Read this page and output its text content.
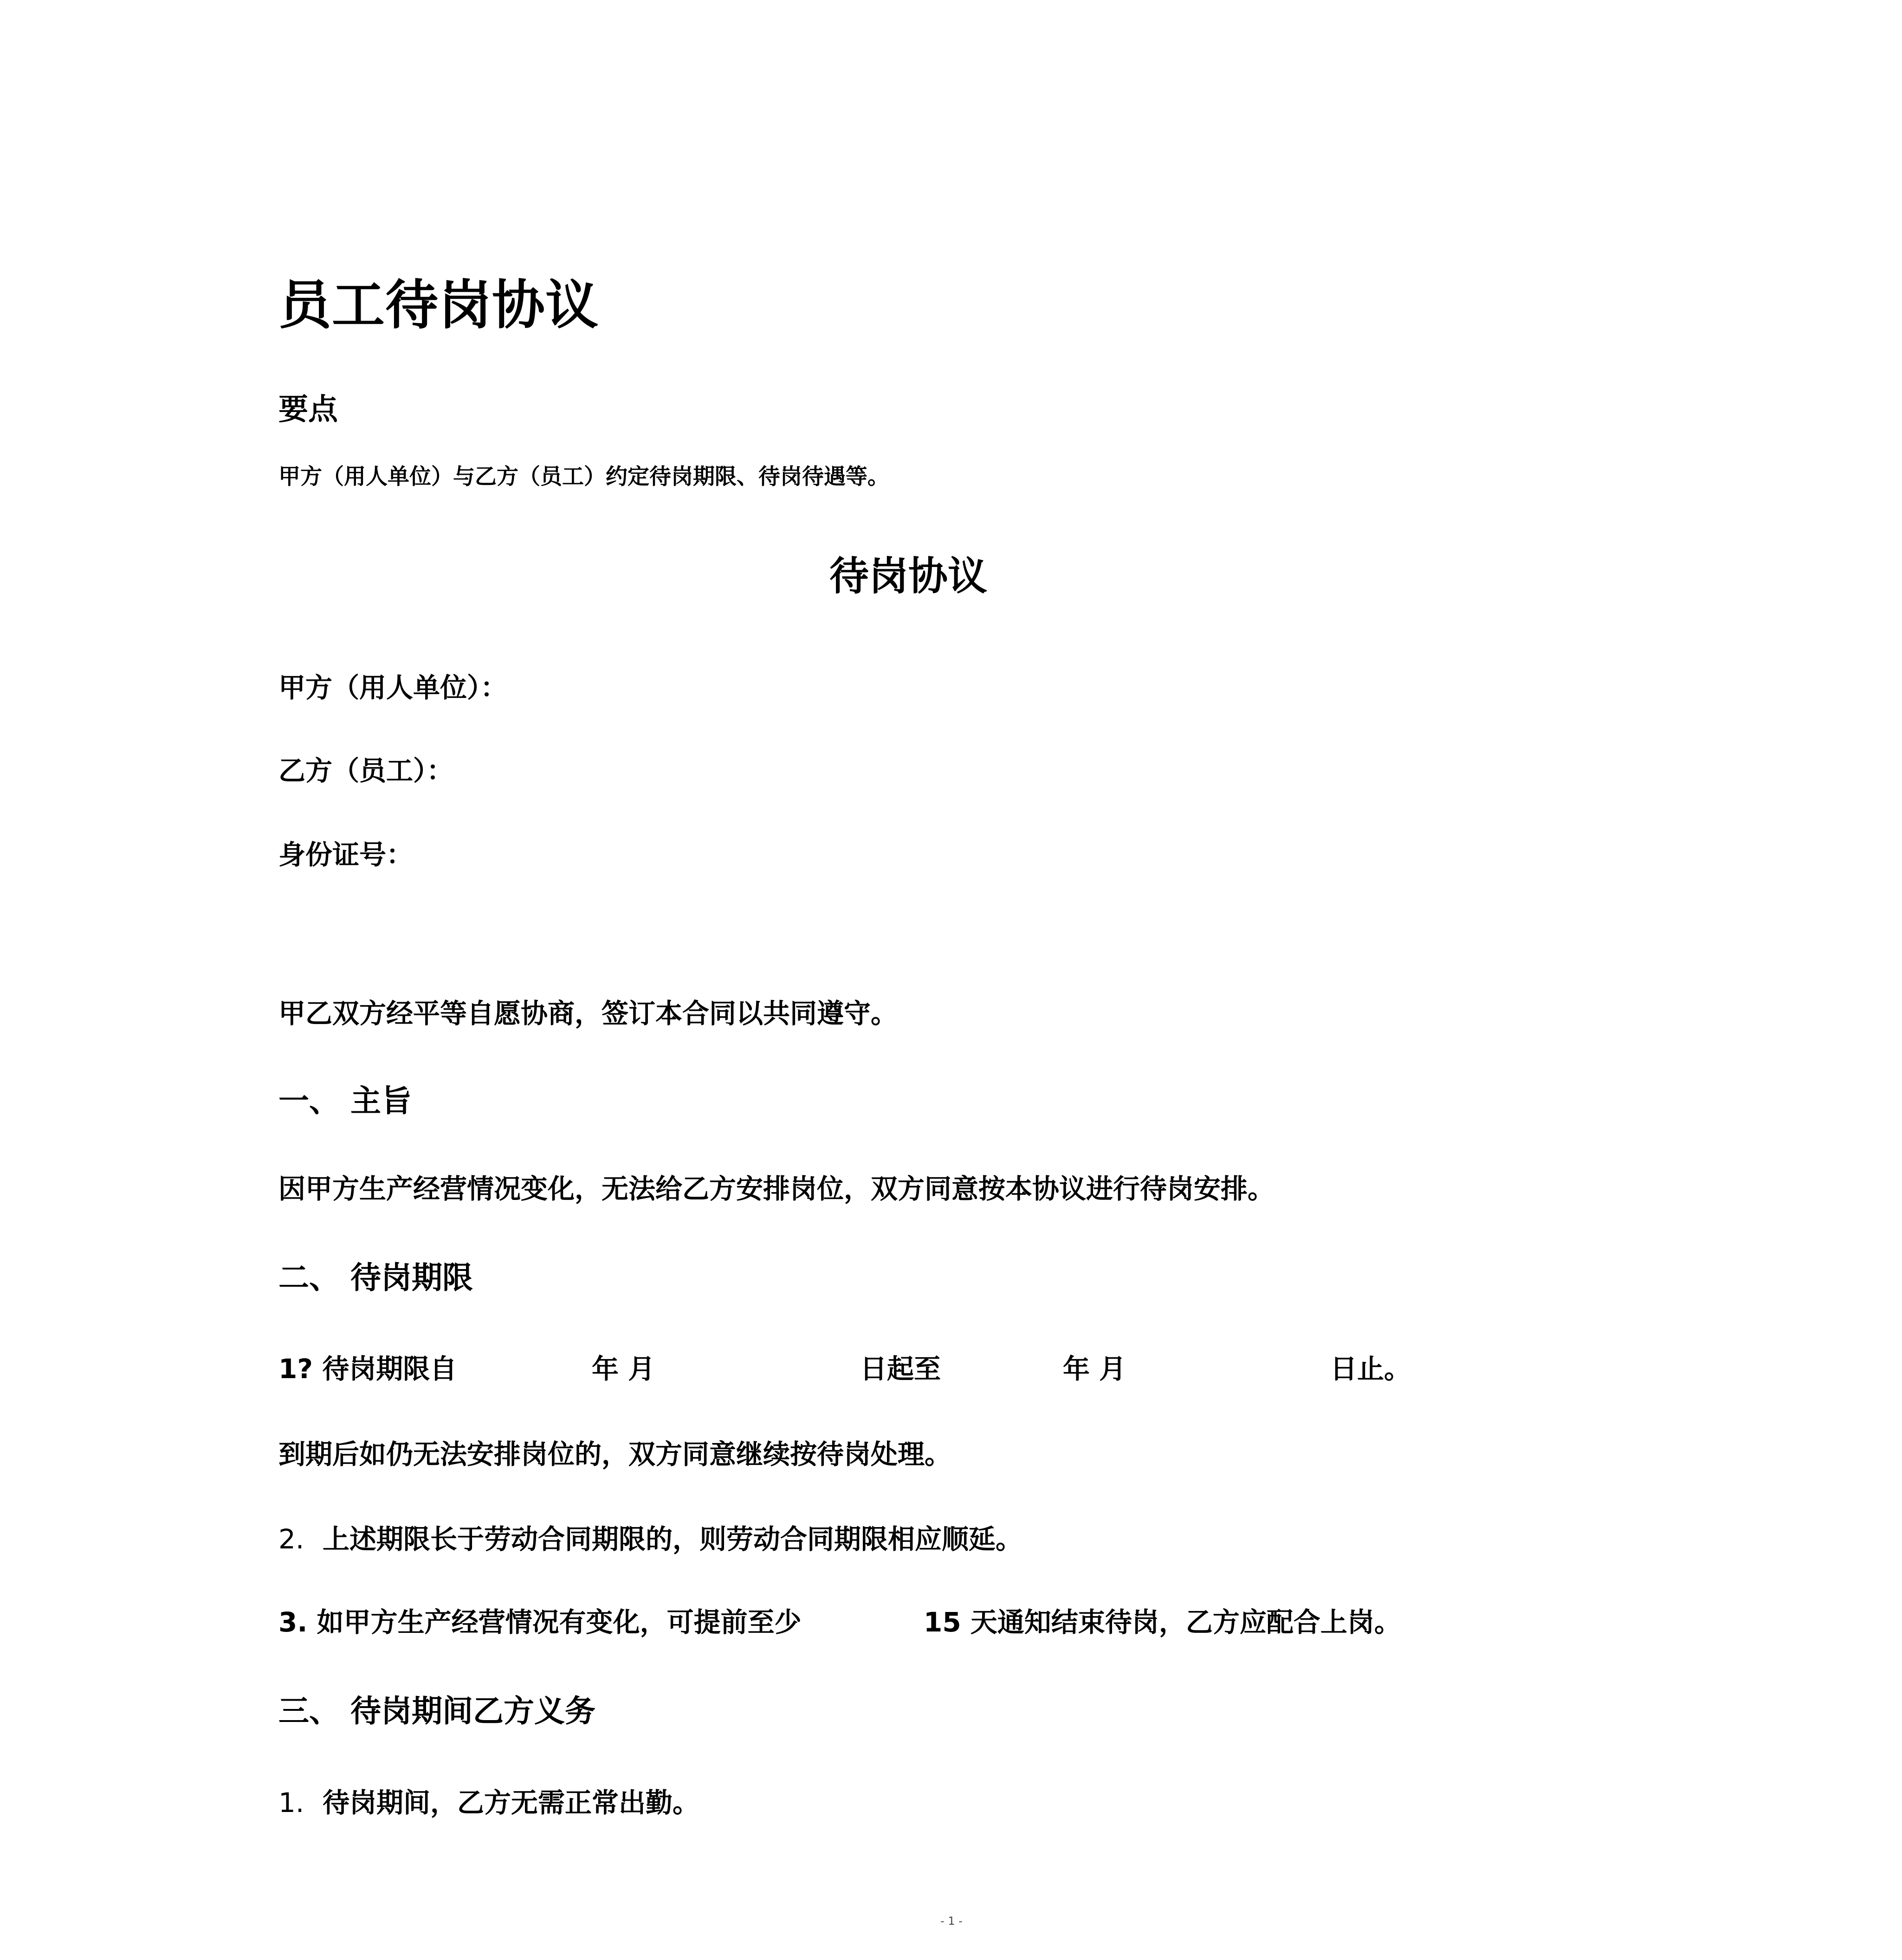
员工待岗协议
要点
甲方（用人单位）与乙方（员工）约定待岗期限、待岗待遇等。
待岗协议
甲方（用人单位）：
乙方（员工）：
身份证号：
甲乙双方经平等自愿协商，签订本合同以共同遵守。
一、 主旨
因甲方生产经营情况变化，无法给乙方安排岗位，双方同意按本协议进行待岗安排。
二、 待岗期限
1? 待岗期限自	年 月	日起至	年 月	日止。
到期后如仍无法安排岗位的，双方同意继续按待岗处理。
2. 上述期限长于劳动合同期限的，则劳动合同期限相应顺延。
3. 如甲方生产经营情况有变化，可提前至少	15 天通知结束待岗，乙方应配合上岗。
三、 待岗期间乙方义务
1. 待岗期间，乙方无需正常出勤。
- 1 -
